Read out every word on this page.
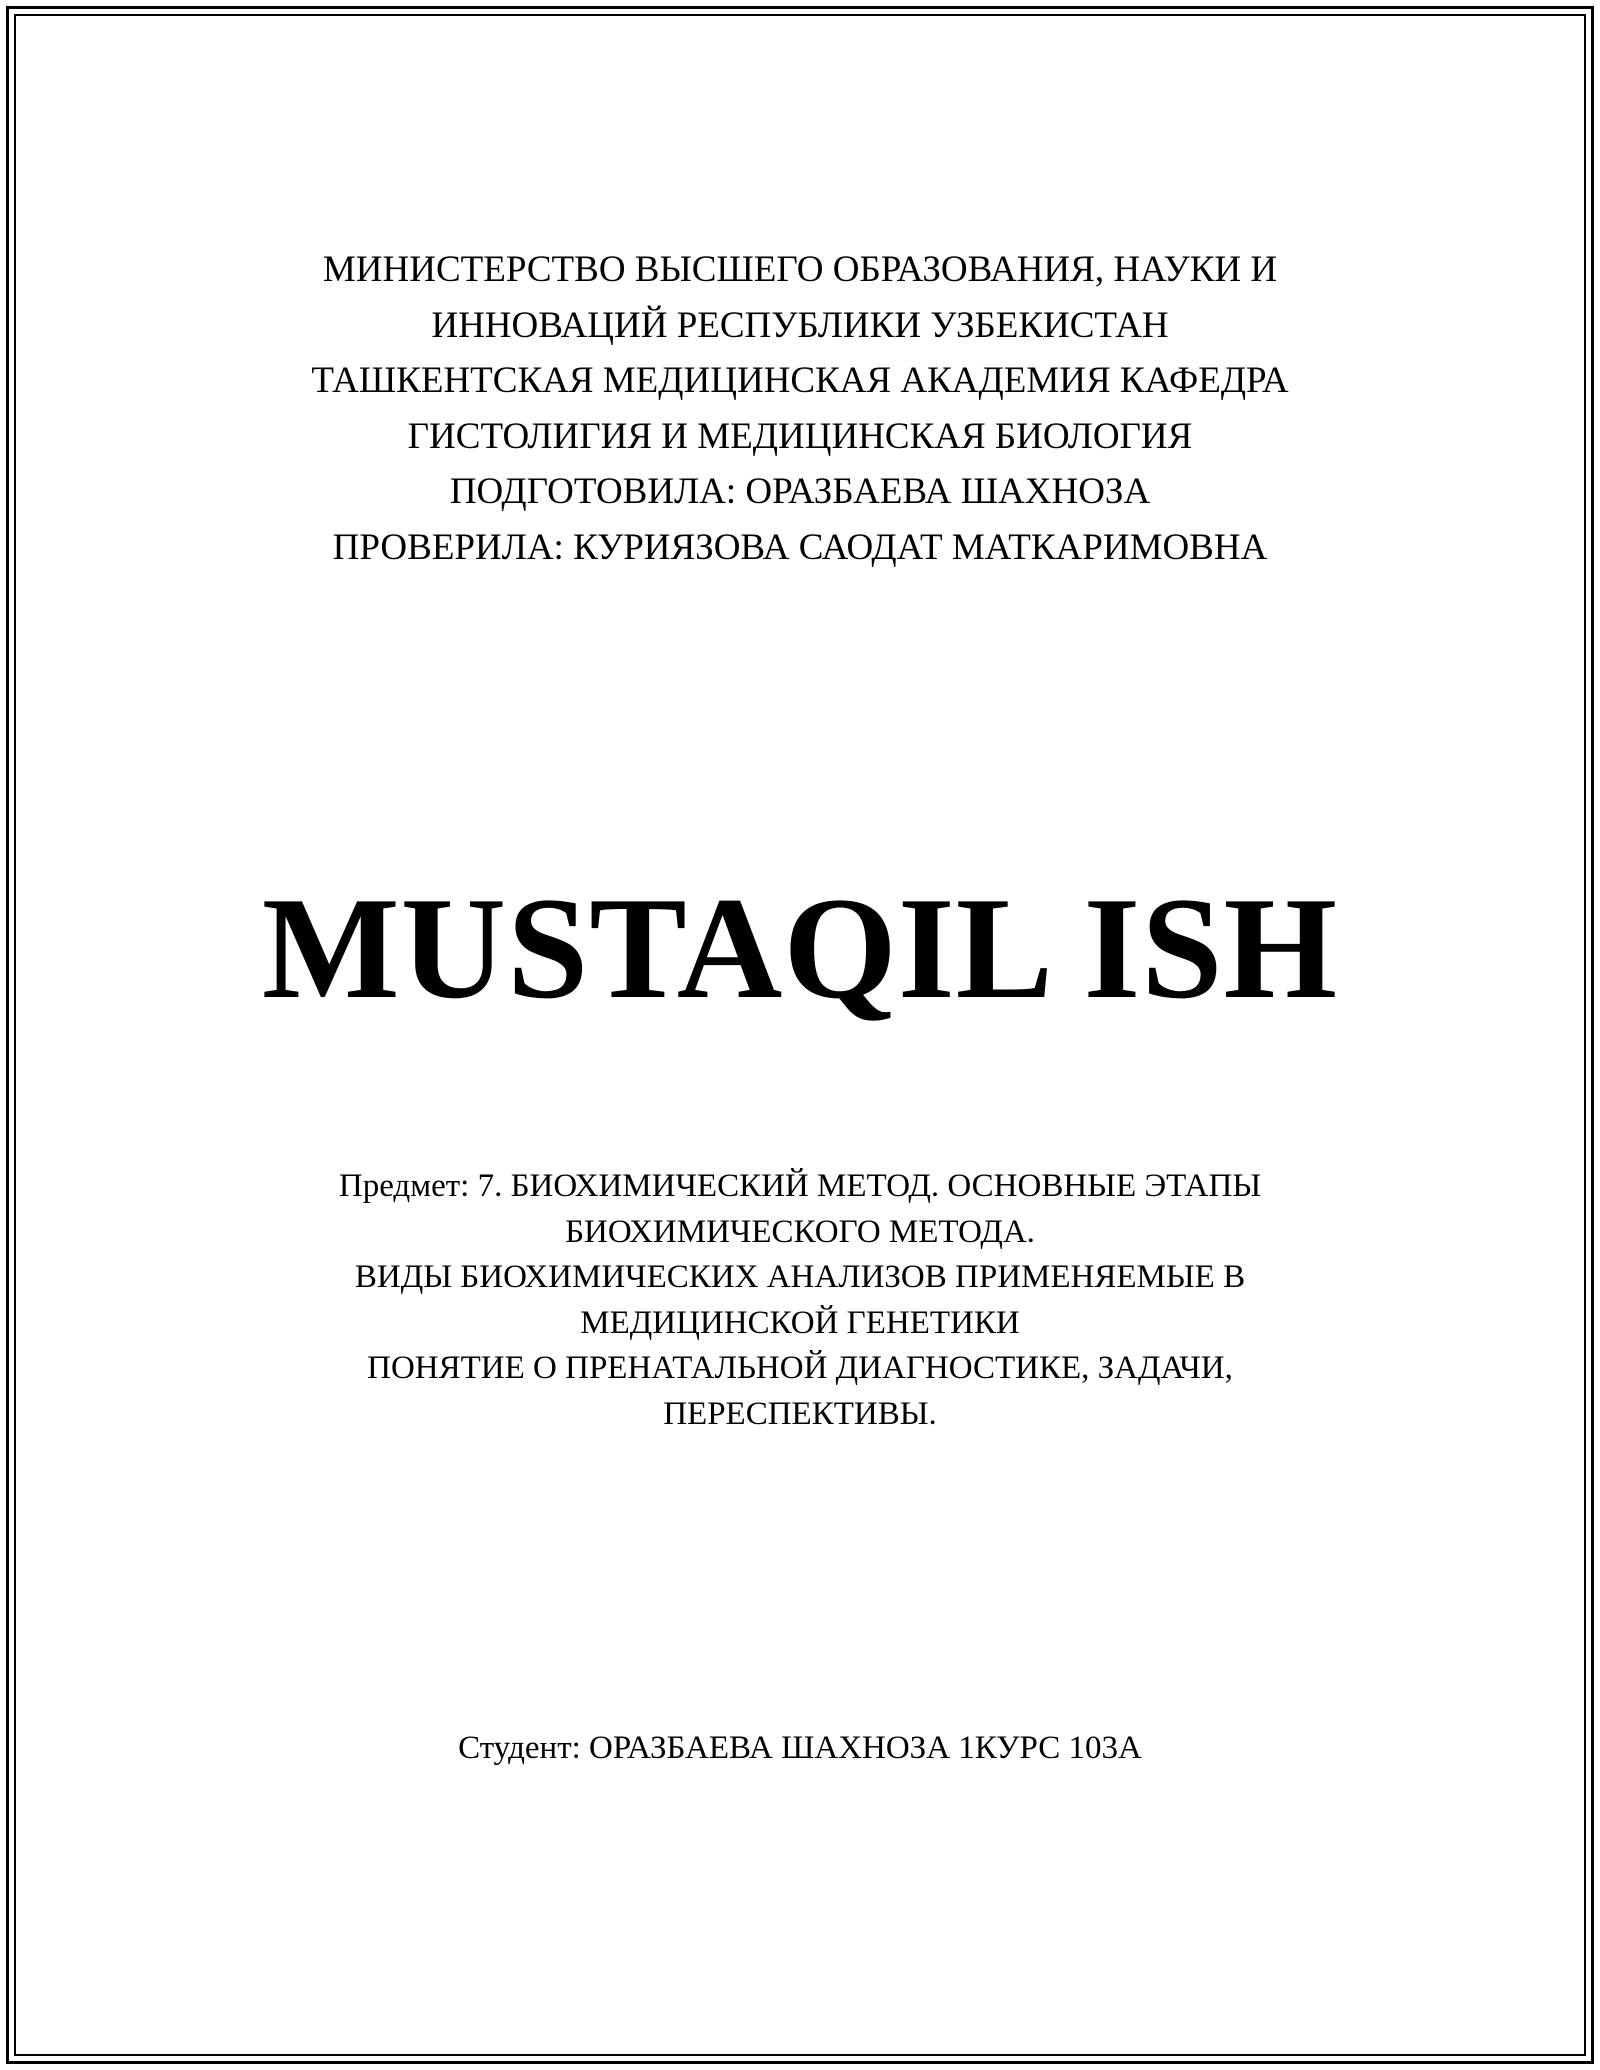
МИНИСТЕРСТВО ВЫСШЕГО ОБРАЗОВАНИЯ, НАУКИ И
ИННОВАЦИЙ РЕСПУБЛИКИ УЗБЕКИСТАН
ТАШКЕНТСКАЯ МЕДИЦИНСКАЯ АКАДЕМИЯ КАФЕДРА
ГИСТОЛИГИЯ И МЕДИЦИНСКАЯ БИОЛОГИЯ
ПОДГОТОВИЛА: ОРАЗБАЕВА ШАХНОЗА
ПРОВЕРИЛА: КУРИЯЗОВА САОДАТ МАТКАРИМОВНА
MUSTAQIL ISH
Предмет: 7. БИОХИМИЧЕСКИЙ МЕТОД. ОСНОВНЫЕ ЭТАПЫ
БИОХИМИЧЕСКОГО МЕТОДА.
ВИДЫ БИОХИМИЧЕСКИХ АНАЛИЗОВ ПРИМЕНЯЕМЫЕ В
МЕДИЦИНСКОЙ ГЕНЕТИКИ
ПОНЯТИЕ О ПРЕНАТАЛЬНОЙ ДИАГНОСТИКЕ, ЗАДАЧИ,
ПЕРЕСПЕКТИВЫ.
Студент: ОРАЗБАЕВА ШАХНОЗА 1КУРС 103А
